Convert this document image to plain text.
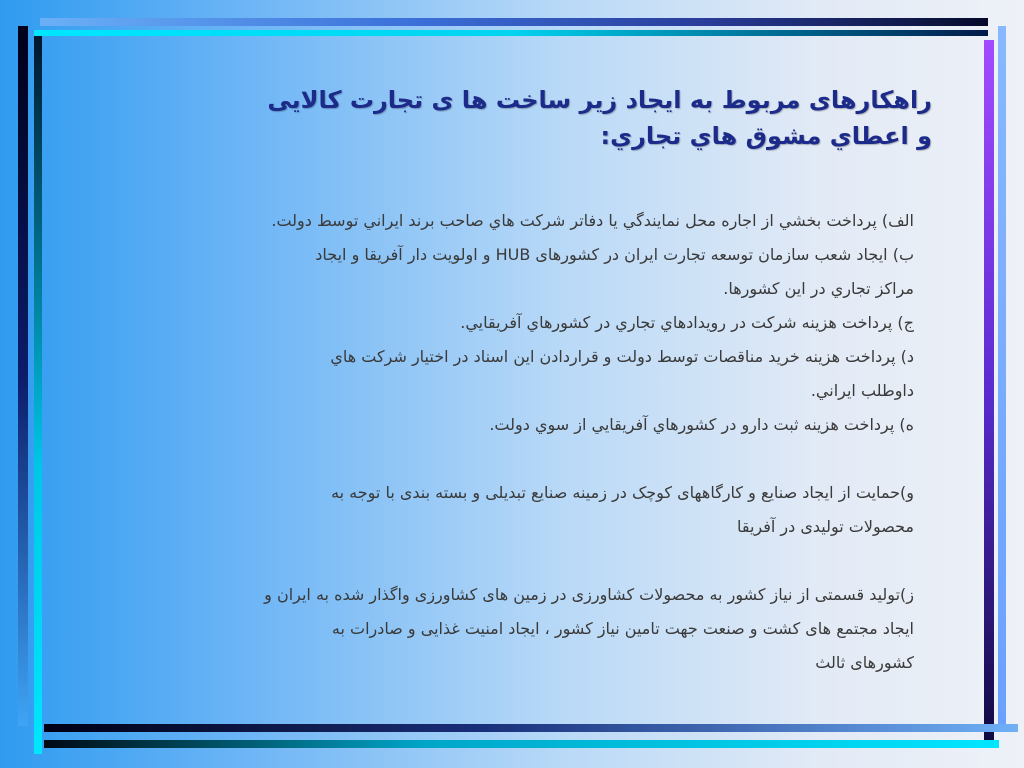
راهکارهای مربوط به ايجاد زير ساخت ها ی تجارت کالايی
و اعطاي مشوق هاي تجاري:
الف) پرداخت بخشي از اجاره محل نمايندگي يا دفاتر شركت هاي صاحب برند ايراني توسط دولت.
ب) ايجاد شعب سازمان توسعه تجارت ايران در کشورهای HUB و اولويت دار آفريقا و ايجاد
مراكز تجاري در اين كشورها.
ج) پرداخت هزينه شركت در رويدادهاي تجاري در كشورهاي آفريقايي.
د) پرداخت هزينه خريد مناقصات توسط دولت و قراردادن اين اسناد در اختيار شركت هاي
داوطلب ايراني.
ه) پرداخت هزينه ثبت دارو در كشورهاي آفريقايي از سوي دولت.
و)حمایت از ایجاد صنایع و کارگاههای کوچک در زمینه صنایع تبدیلی و بسته بندی با توجه به
محصولات تولیدی در آفریقا
ز)تولید قسمتی از نیاز کشور به محصولات کشاورزی در زمین های کشاورزی واگذار شده به ایران و
ایجاد مجتمع های کشت و صنعت جهت تامین نیاز کشور ، ایجاد امنیت غذایی و صادرات به
کشورهای ثالث
